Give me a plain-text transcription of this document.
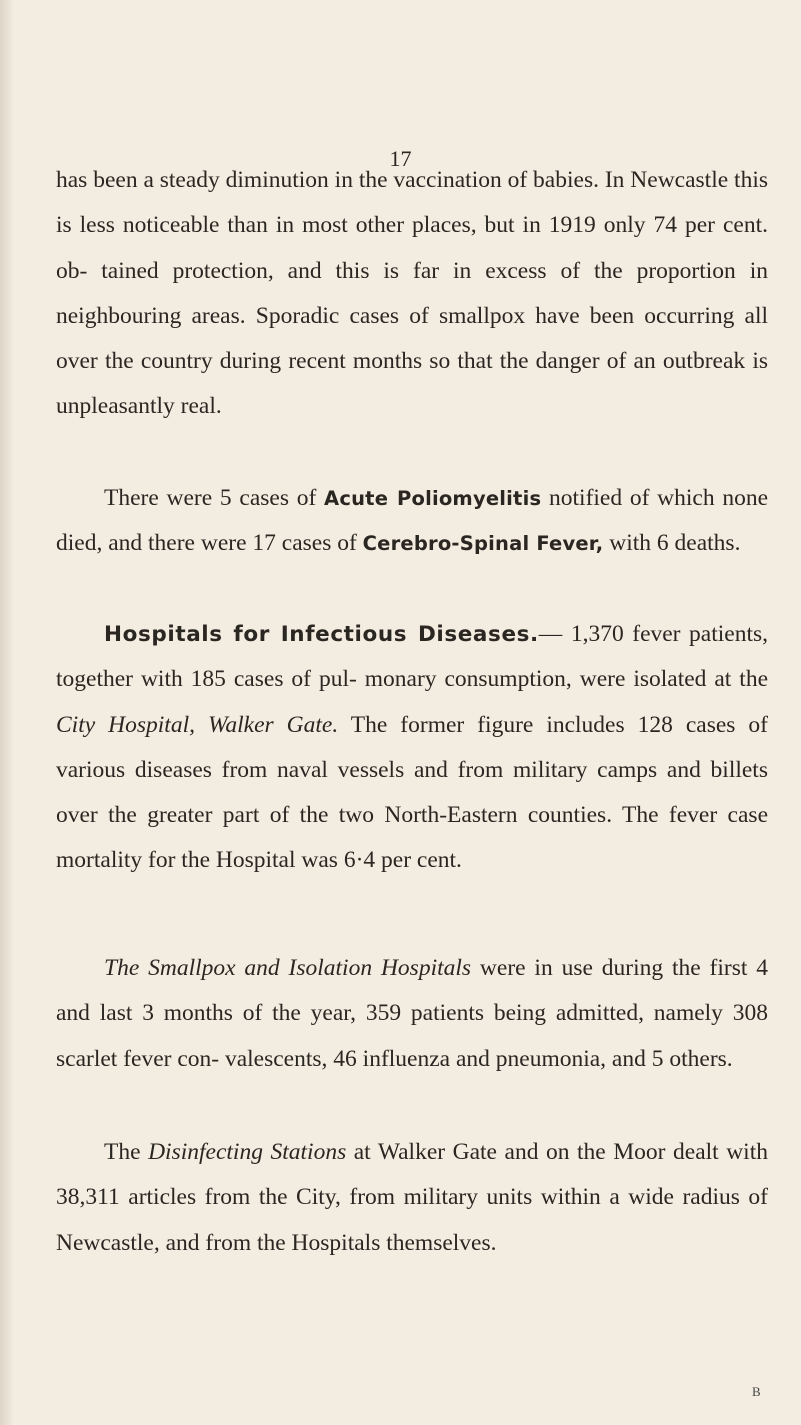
17

has been a steady diminution in the vaccination of babies. In Newcastle this is less noticeable than in most other places, but in 1919 only 74 per cent. ob- tained protection, and this is far in excess of the proportion in neighbouring areas. Sporadic cases of smallpox have been occurring all over the country during recent months so that the danger of an outbreak is unpleasantly real.

There were 5 cases of Acute Poliomyelitis notified of which none died, and there were 17 cases of Cerebro-Spinal Fever, with 6 deaths.

Hospitals for Infectious Diseases.— 1,370 fever patients, together with 185 cases of pul- monary consumption, were isolated at the City Hospital, Walker Gate. The former figure includes 128 cases of various diseases from naval vessels and from military camps and billets over the greater part of the two North-Eastern counties. The fever case mortality for the Hospital was 6·4 per cent.

The Smallpox and Isolation Hospitals were in use during the first 4 and last 3 months of the year, 359 patients being admitted, namely 308 scarlet fever con- valescents, 46 influenza and pneumonia, and 5 others.

The Disinfecting Stations at Walker Gate and on the Moor dealt with 38,311 articles from the City, from military units within a wide radius of Newcastle, and from the Hospitals themselves.

B
